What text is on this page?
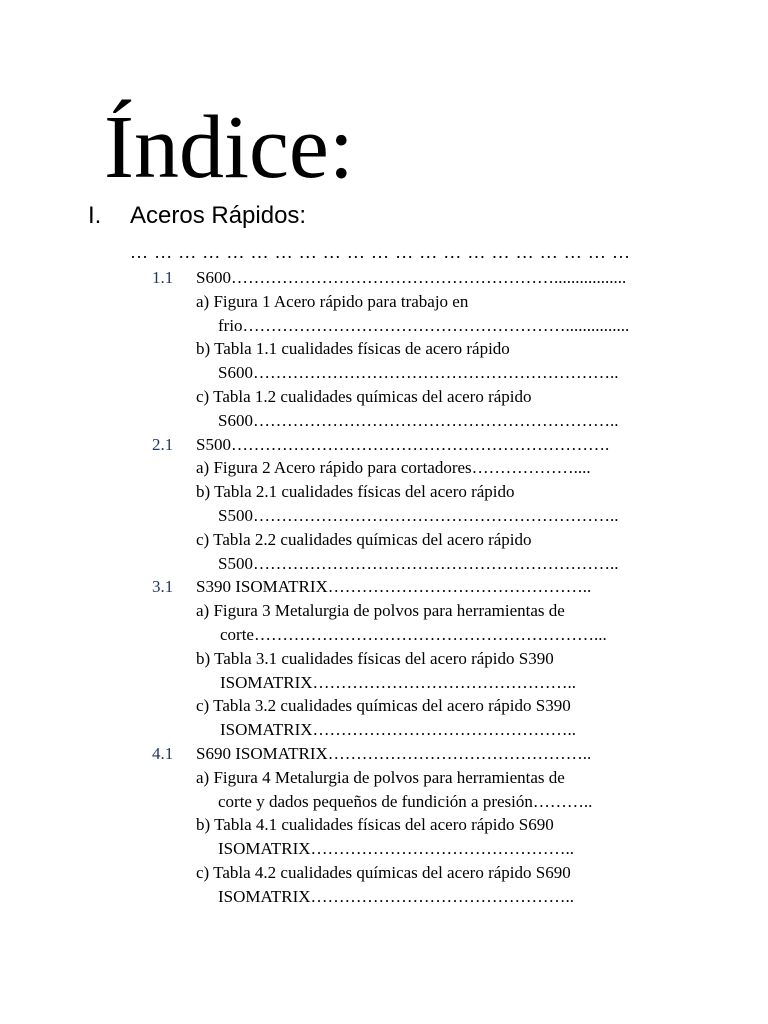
Índice:
I. Aceros Rápidos:
… … … … … … … … … … … … … … … … … … … … …
1.1 S600………………………………………………….................
a) Figura 1 Acero rápido para trabajo en
frio…………………………………………………...............
b) Tabla 1.1 cualidades físicas de acero rápido
S600………………………………………………………..
c) Tabla 1.2 cualidades químicas del acero rápido
S600………………………………………………………..
2.1 S500………………………………………………………….
a) Figura 2 Acero rápido para cortadores………………....
b) Tabla 2.1 cualidades físicas del acero rápido
S500………………………………………………………..
c) Tabla 2.2 cualidades químicas del acero rápido
S500………………………………………………………..
3.1 S390 ISOMATRIX………………………………………..
a) Figura 3 Metalurgia de polvos para herramientas de
corte……………………………………………………...
b) Tabla 3.1 cualidades físicas del acero rápido S390
ISOMATRIX………………………………………..
c) Tabla 3.2 cualidades químicas del acero rápido S390
ISOMATRIX………………………………………..
4.1 S690 ISOMATRIX………………………………………..
a) Figura 4 Metalurgia de polvos para herramientas de
corte y dados pequeños de fundición a presión………..
b) Tabla 4.1 cualidades físicas del acero rápido S690
ISOMATRIX………………………………………..
c) Tabla 4.2 cualidades químicas del acero rápido S690
ISOMATRIX………………………………………..
